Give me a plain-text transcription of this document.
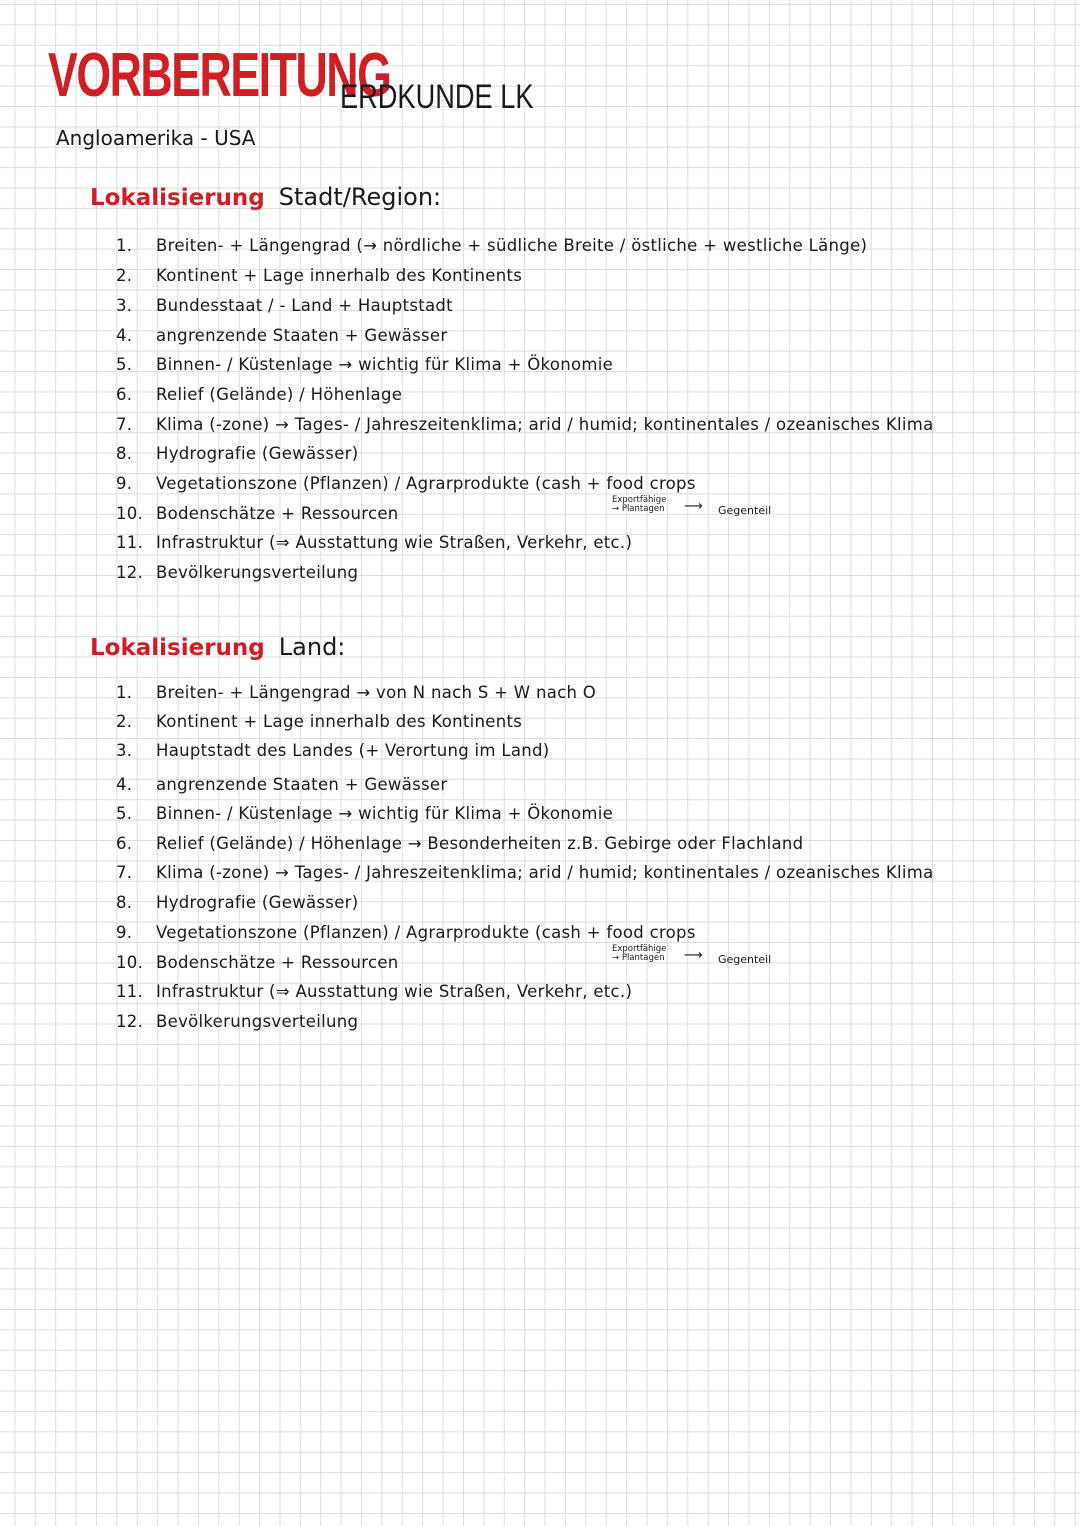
VORBEREITUNG
ERDKUNDE LK
Angloamerika - USA
Lokalisierung Stadt/Region:
1. Breiten- + Längengrad (→ nördliche + südliche Breite / östliche + westliche Länge)
2. Kontinent + Lage innerhalb des Kontinents
3. Bundesstaat / - Land + Hauptstadt
4. angrenzende Staaten + Gewässer
5. Binnen- / Küstenlage → wichtig für Klima + Ökonomie
6. Relief (Gelände) / Höhenlage
7. Klima (-zone) → Tages- / Jahreszeitenklima; arid / humid; kontinentales / ozeanisches Klima
8. Hydrografie (Gewässer)
9. Vegetationszone (Pflanzen) / Agrarprodukte (cash + food crops
10. Bodenschätze + Ressourcen
11. Infrastruktur (⇒ Ausstattung wie Straßen, Verkehr, etc.)
12. Bevölkerungsverteilung
Exportfähige
→ Plantagen ⟶ Gegenteil
Lokalisierung Land:
1. Breiten- + Längengrad → von N nach S + W nach O
2. Kontinent + Lage innerhalb des Kontinents
3. Hauptstadt des Landes (+ Verortung im Land)
4. angrenzende Staaten + Gewässer
5. Binnen- / Küstenlage → wichtig für Klima + Ökonomie
6. Relief (Gelände) / Höhenlage → Besonderheiten z.B. Gebirge oder Flachland
7. Klima (-zone) → Tages- / Jahreszeitenklima; arid / humid; kontinentales / ozeanisches Klima
8. Hydrografie (Gewässer)
9. Vegetationszone (Pflanzen) / Agrarprodukte (cash + food crops
10. Bodenschätze + Ressourcen
11. Infrastruktur (⇒ Ausstattung wie Straßen, Verkehr, etc.)
12. Bevölkerungsverteilung
Exportfähige
→ Plantagen ⟶ Gegenteil
